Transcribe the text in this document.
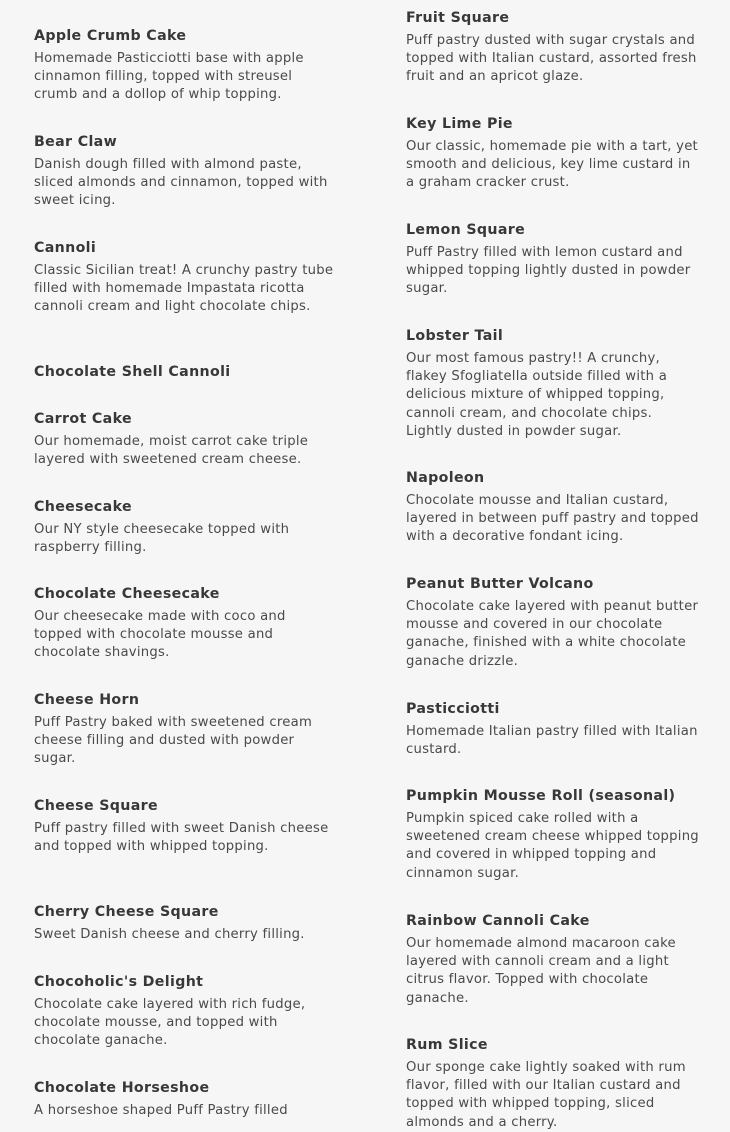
Apple Crumb Cake
Homemade Pasticciotti base with apple cinnamon filling, topped with streusel crumb and a dollop of whip topping.
Bear Claw
Danish dough filled with almond paste, sliced almonds and cinnamon, topped with sweet icing.
Cannoli
Classic Sicilian treat! A crunchy pastry tube filled with homemade Impastata ricotta cannoli cream and light chocolate chips.
Chocolate Shell Cannoli
Carrot Cake
Our homemade, moist carrot cake triple layered with sweetened cream cheese.
Cheesecake
Our NY style cheesecake topped with raspberry filling.
Chocolate Cheesecake
Our cheesecake made with coco and topped with chocolate mousse and chocolate shavings.
Cheese Horn
Puff Pastry baked with sweetened cream cheese filling and dusted with powder sugar.
Cheese Square
Puff pastry filled with sweet Danish cheese and topped with whipped topping.
Cherry Cheese Square
Sweet Danish cheese and cherry filling.
Chocoholic's Delight
Chocolate cake layered with rich fudge, chocolate mousse, and topped with chocolate ganache.
Chocolate Horseshoe
A horseshoe shaped Puff Pastry filled
Fruit Square
Puff pastry dusted with sugar crystals and topped with Italian custard, assorted fresh fruit and an apricot glaze.
Key Lime Pie
Our classic, homemade pie with a tart, yet smooth and delicious, key lime custard in a graham cracker crust.
Lemon Square
Puff Pastry filled with lemon custard and whipped topping lightly dusted in powder sugar.
Lobster Tail
Our most famous pastry!! A crunchy, flakey Sfogliatella outside filled with a delicious mixture of whipped topping, cannoli cream, and chocolate chips. Lightly dusted in powder sugar.
Napoleon
Chocolate mousse and Italian custard, layered in between puff pastry and topped with a decorative fondant icing.
Peanut Butter Volcano
Chocolate cake layered with peanut butter mousse and covered in our chocolate ganache, finished with a white chocolate ganache drizzle.
Pasticciotti
Homemade Italian pastry filled with Italian custard.
Pumpkin Mousse Roll (seasonal)
Pumpkin spiced cake rolled with a sweetened cream cheese whipped topping and covered in whipped topping and cinnamon sugar.
Rainbow Cannoli Cake
Our homemade almond macaroon cake layered with cannoli cream and a light citrus flavor. Topped with chocolate ganache.
Rum Slice
Our sponge cake lightly soaked with rum flavor, filled with our Italian custard and topped with whipped topping, sliced almonds and a cherry.
